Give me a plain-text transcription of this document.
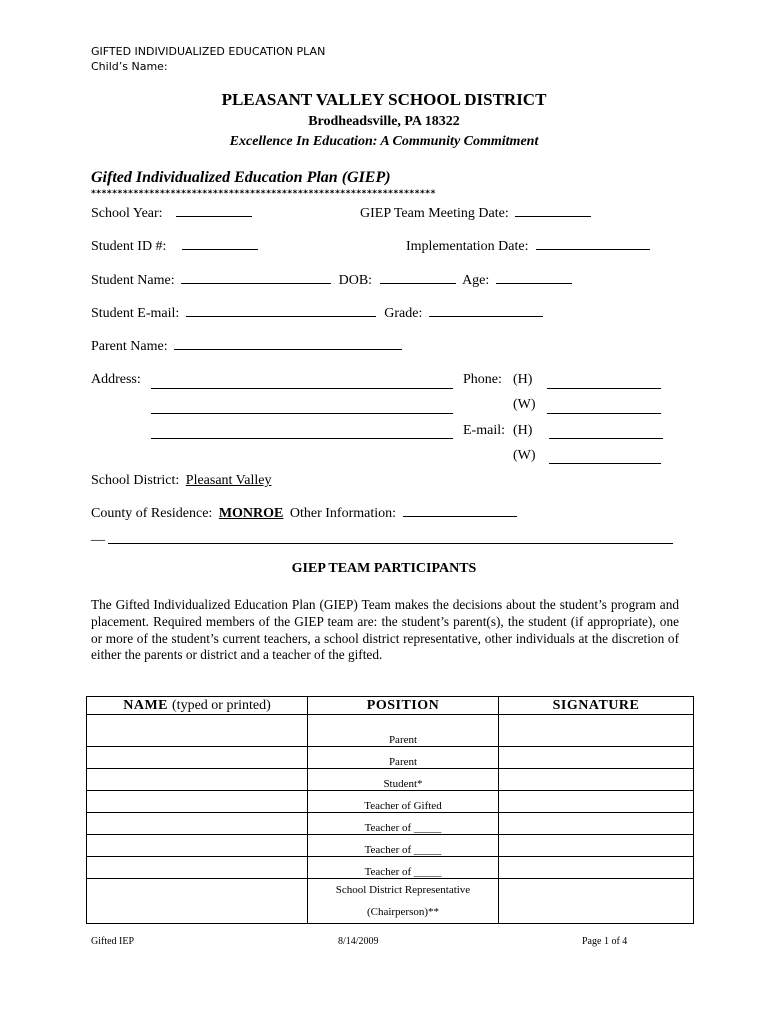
GIFTED INDIVIDUALIZED EDUCATION PLAN
Child’s Name:
PLEASANT VALLEY SCHOOL DISTRICT
Brodheadsville, PA 18322
Excellence In Education: A Community Commitment
Gifted Individualized Education Plan (GIEP)
*****************************************************************
School Year:	GIEP Team Meeting Date:
Student ID #:	Implementation Date:
Student Name:	DOB:	Age:
Student E-mail:	Grade:
Parent Name:
Address:	Phone: (H)
(W)
E-mail: (H)
(W)
School District: Pleasant Valley
County of Residence: MONROE Other Information:
__
GIEP TEAM PARTICIPANTS
The Gifted Individualized Education Plan (GIEP) Team makes the decisions about the student’s program and placement. Required members of the GIEP team are: the student’s parent(s), the student (if appropriate), one or more of the student’s current teachers, a school district representative, other individuals at the discretion of either the parents or district and a teacher of the gifted.
NAME (typed or printed)	POSITION	SIGNATURE
	Parent	
	Parent	
	Student*	
	Teacher of Gifted	
	Teacher of _____	
	Teacher of _____	
	Teacher of _____	

	School District Representative
(Chairperson)**	

Gifted IEP	8/14/2009	Page 1 of 4
